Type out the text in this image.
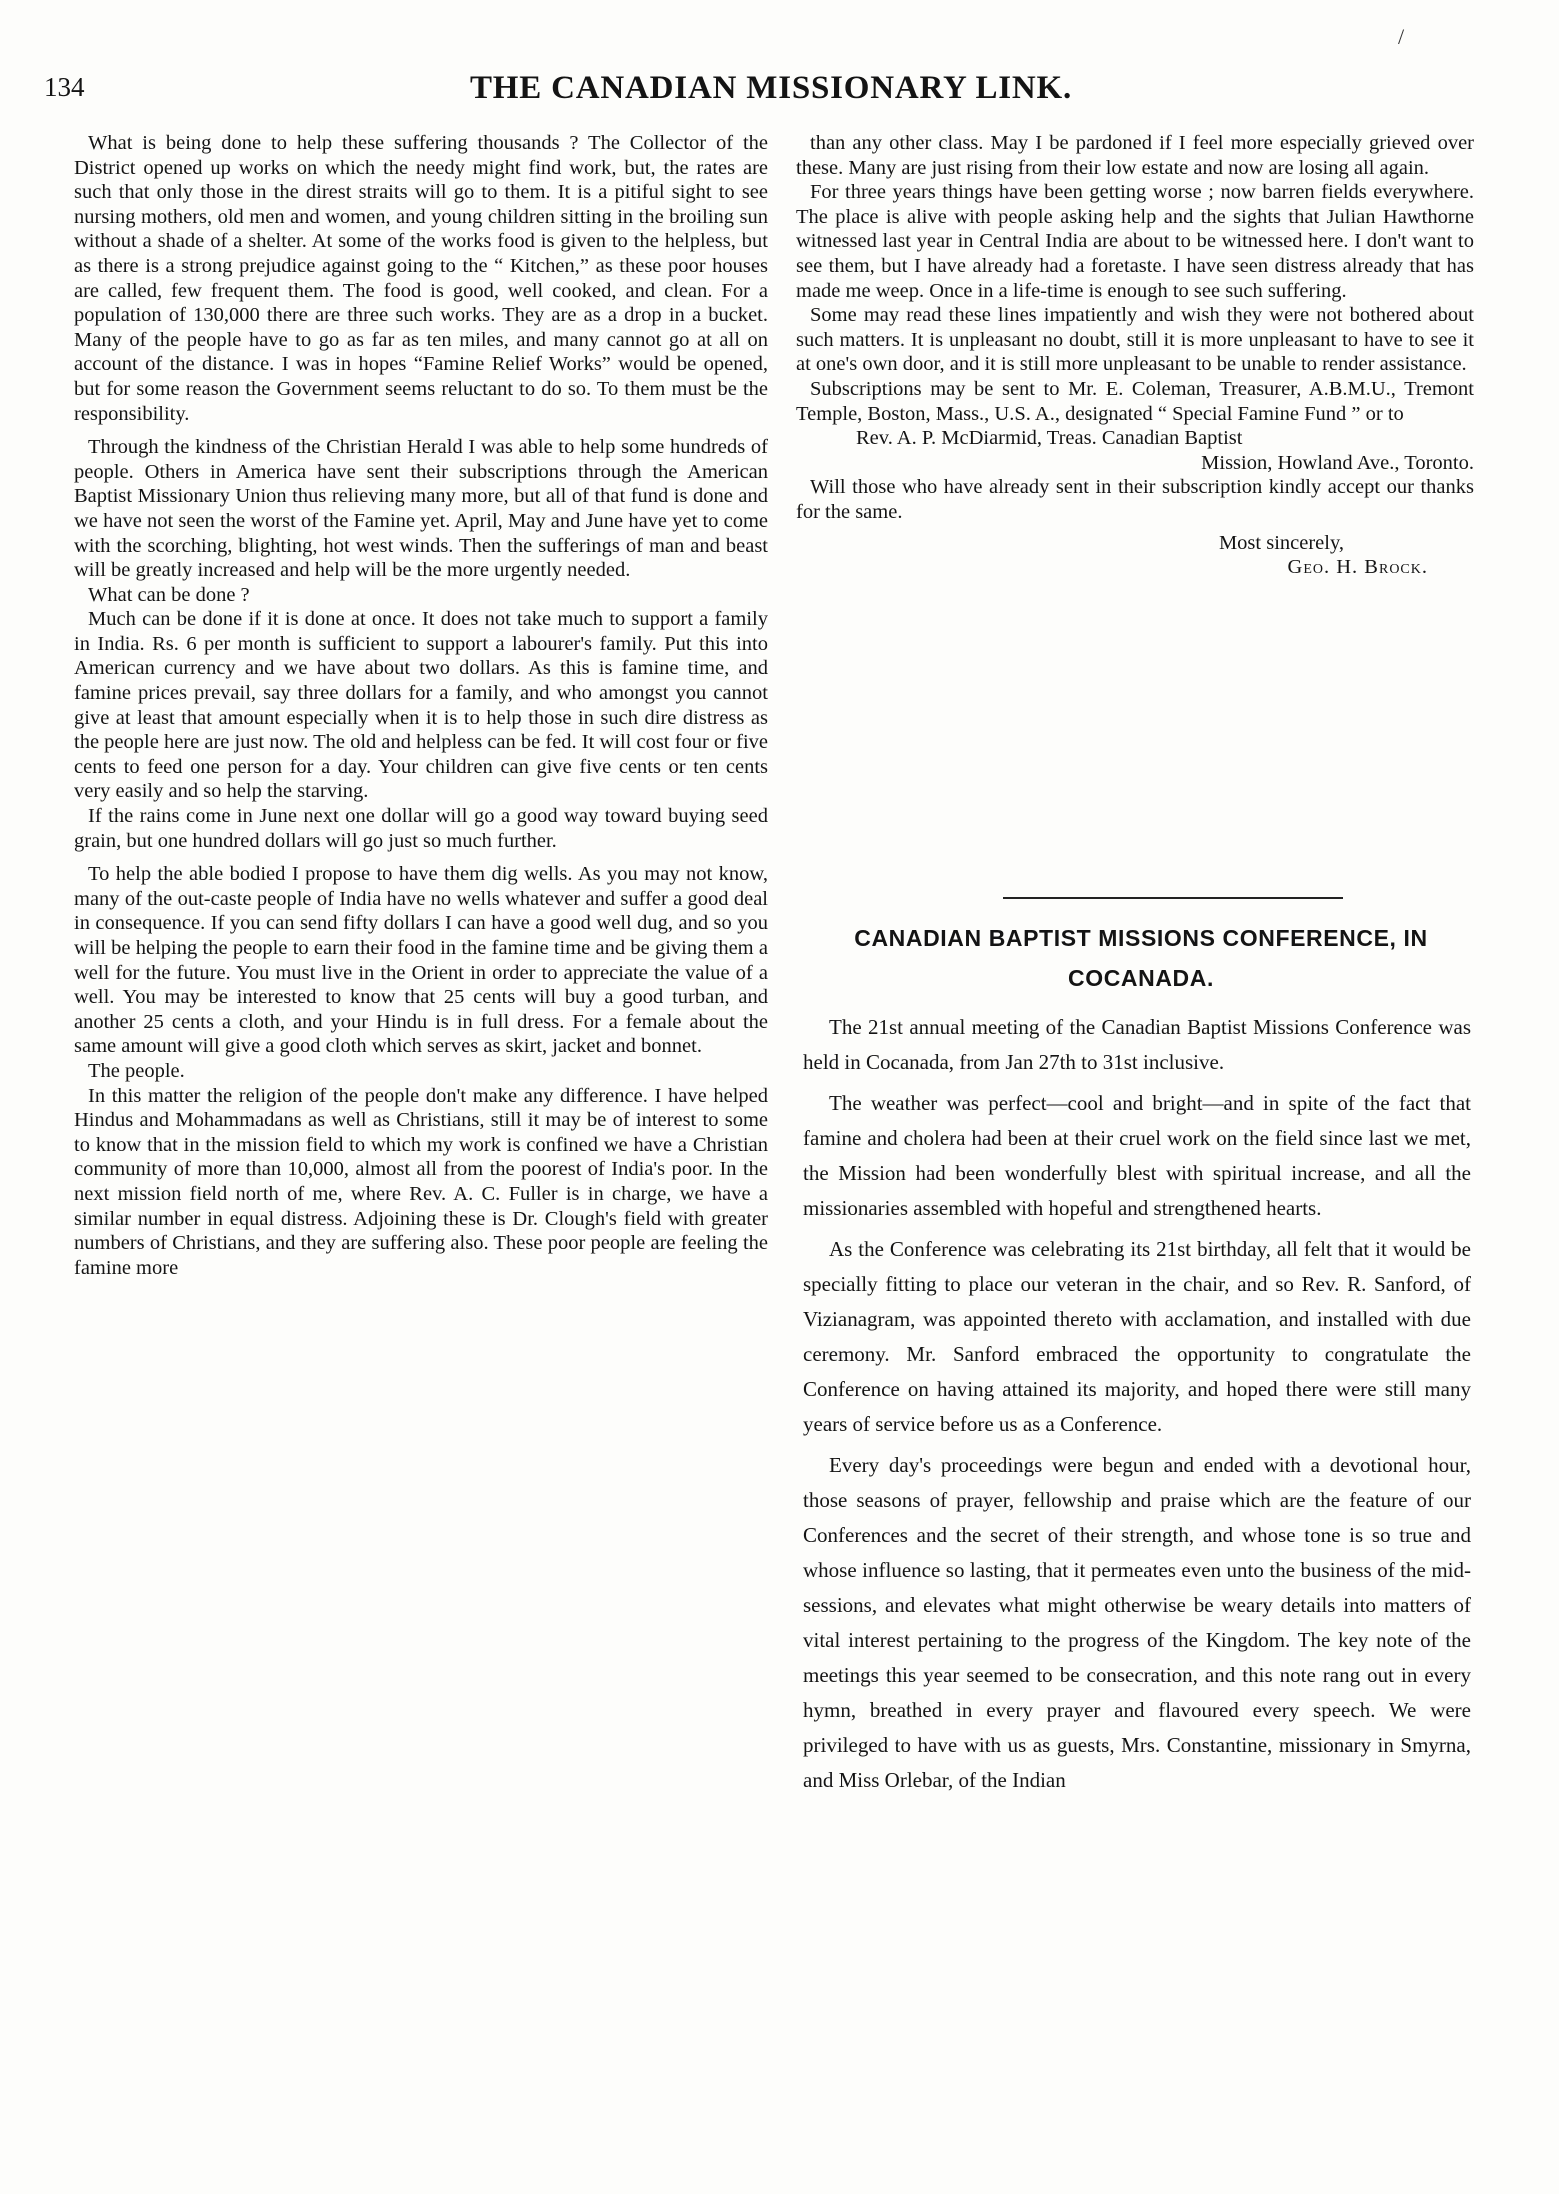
/
134	THE CANADIAN MISSIONARY LINK.

What is being done to help these suffering thousands ? The Collector of the District opened up works on which the needy might find work, but, the rates are such that only those in the direst straits will go to them. It is a pitiful sight to see nursing mothers, old men and women, and young children sitting in the broiling sun without a shade of a shelter. At some of the works food is given to the helpless, but as there is a strong prejudice against going to the “ Kitchen,” as these poor houses are called, few frequent them. The food is good, well cooked, and clean. For a population of 130,000 there are three such works. They are as a drop in a bucket. Many of the people have to go as far as ten miles, and many cannot go at all on account of the distance. I was in hopes “Famine Relief Works” would be opened, but for some reason the Government seems reluctant to do so. To them must be the responsibility.

Through the kindness of the Christian Herald I was able to help some hundreds of people. Others in America have sent their subscriptions through the American Baptist Missionary Union thus relieving many more, but all of that fund is done and we have not seen the worst of the Famine yet. April, May and June have yet to come with the scorching, blighting, hot west winds. Then the sufferings of man and beast will be greatly increased and help will be the more urgently needed.

What can be done ?

Much can be done if it is done at once. It does not take much to support a family in India. Rs. 6 per month is sufficient to support a labourer's family. Put this into American currency and we have about two dollars. As this is famine time, and famine prices prevail, say three dollars for a family, and who amongst you cannot give at least that amount especially when it is to help those in such dire distress as the people here are just now. The old and helpless can be fed. It will cost four or five cents to feed one person for a day. Your children can give five cents or ten cents very easily and so help the starving.

If the rains come in June next one dollar will go a good way toward buying seed grain, but one hundred dollars will go just so much further.

To help the able bodied I propose to have them dig wells. As you may not know, many of the out-caste people of India have no wells whatever and suffer a good deal in consequence. If you can send fifty dollars I can have a good well dug, and so you will be helping the people to earn their food in the famine time and be giving them a well for the future. You must live in the Orient in order to appreciate the value of a well. You may be interested to know that 25 cents will buy a good turban, and another 25 cents a cloth, and your Hindu is in full dress. For a female about the same amount will give a good cloth which serves as skirt, jacket and bonnet.

The people.

In this matter the religion of the people don't make any difference. I have helped Hindus and Mohammadans as well as Christians, still it may be of interest to some to know that in the mission field to which my work is confined we have a Christian community of more than 10,000, almost all from the poorest of India's poor. In the next mission field north of me, where Rev. A. C. Fuller is in charge, we have a similar number in equal distress. Adjoining these is Dr. Clough's field with greater numbers of Christians, and they are suffering also. These poor people are feeling the famine more

than any other class. May I be pardoned if I feel more especially grieved over these. Many are just rising from their low estate and now are losing all again.

For three years things have been getting worse ; now barren fields everywhere. The place is alive with people asking help and the sights that Julian Hawthorne witnessed last year in Central India are about to be witnessed here. I don't want to see them, but I have already had a foretaste. I have seen distress already that has made me weep. Once in a life-time is enough to see such suffering.

Some may read these lines impatiently and wish they were not bothered about such matters. It is unpleasant no doubt, still it is more unpleasant to have to see it at one's own door, and it is still more unpleasant to be unable to render assistance.

Subscriptions may be sent to Mr. E. Coleman, Treasurer, A.B.M.U., Tremont Temple, Boston, Mass., U.S. A., designated “ Special Famine Fund ” or to

Rev. A. P. McDiarmid, Treas. Canadian Baptist
Mission, Howland Ave., Toronto.

Will those who have already sent in their subscription kindly accept our thanks for the same.

Most sincerely,
Geo. H. Brock.
CANADIAN BAPTIST MISSIONS CONFERENCE, IN
COCANADA.

The 21st annual meeting of the Canadian Baptist Missions Conference was held in Cocanada, from Jan 27th to 31st inclusive.

The weather was perfect—cool and bright—and in spite of the fact that famine and cholera had been at their cruel work on the field since last we met, the Mission had been wonderfully blest with spiritual increase, and all the missionaries assembled with hopeful and strengthened hearts.

As the Conference was celebrating its 21st birthday, all felt that it would be specially fitting to place our veteran in the chair, and so Rev. R. Sanford, of Vizianagram, was appointed thereto with acclamation, and installed with due ceremony. Mr. Sanford embraced the opportunity to congratulate the Conference on having attained its majority, and hoped there were still many years of service before us as a Conference.

Every day's proceedings were begun and ended with a devotional hour, those seasons of prayer, fellowship and praise which are the feature of our Conferences and the secret of their strength, and whose tone is so true and whose influence so lasting, that it permeates even unto the business of the mid-sessions, and elevates what might otherwise be weary details into matters of vital interest pertaining to the progress of the Kingdom. The key note of the meetings this year seemed to be consecration, and this note rang out in every hymn, breathed in every prayer and flavoured every speech. We were privileged to have with us as guests, Mrs. Constantine, missionary in Smyrna, and Miss Orlebar, of the Indian
